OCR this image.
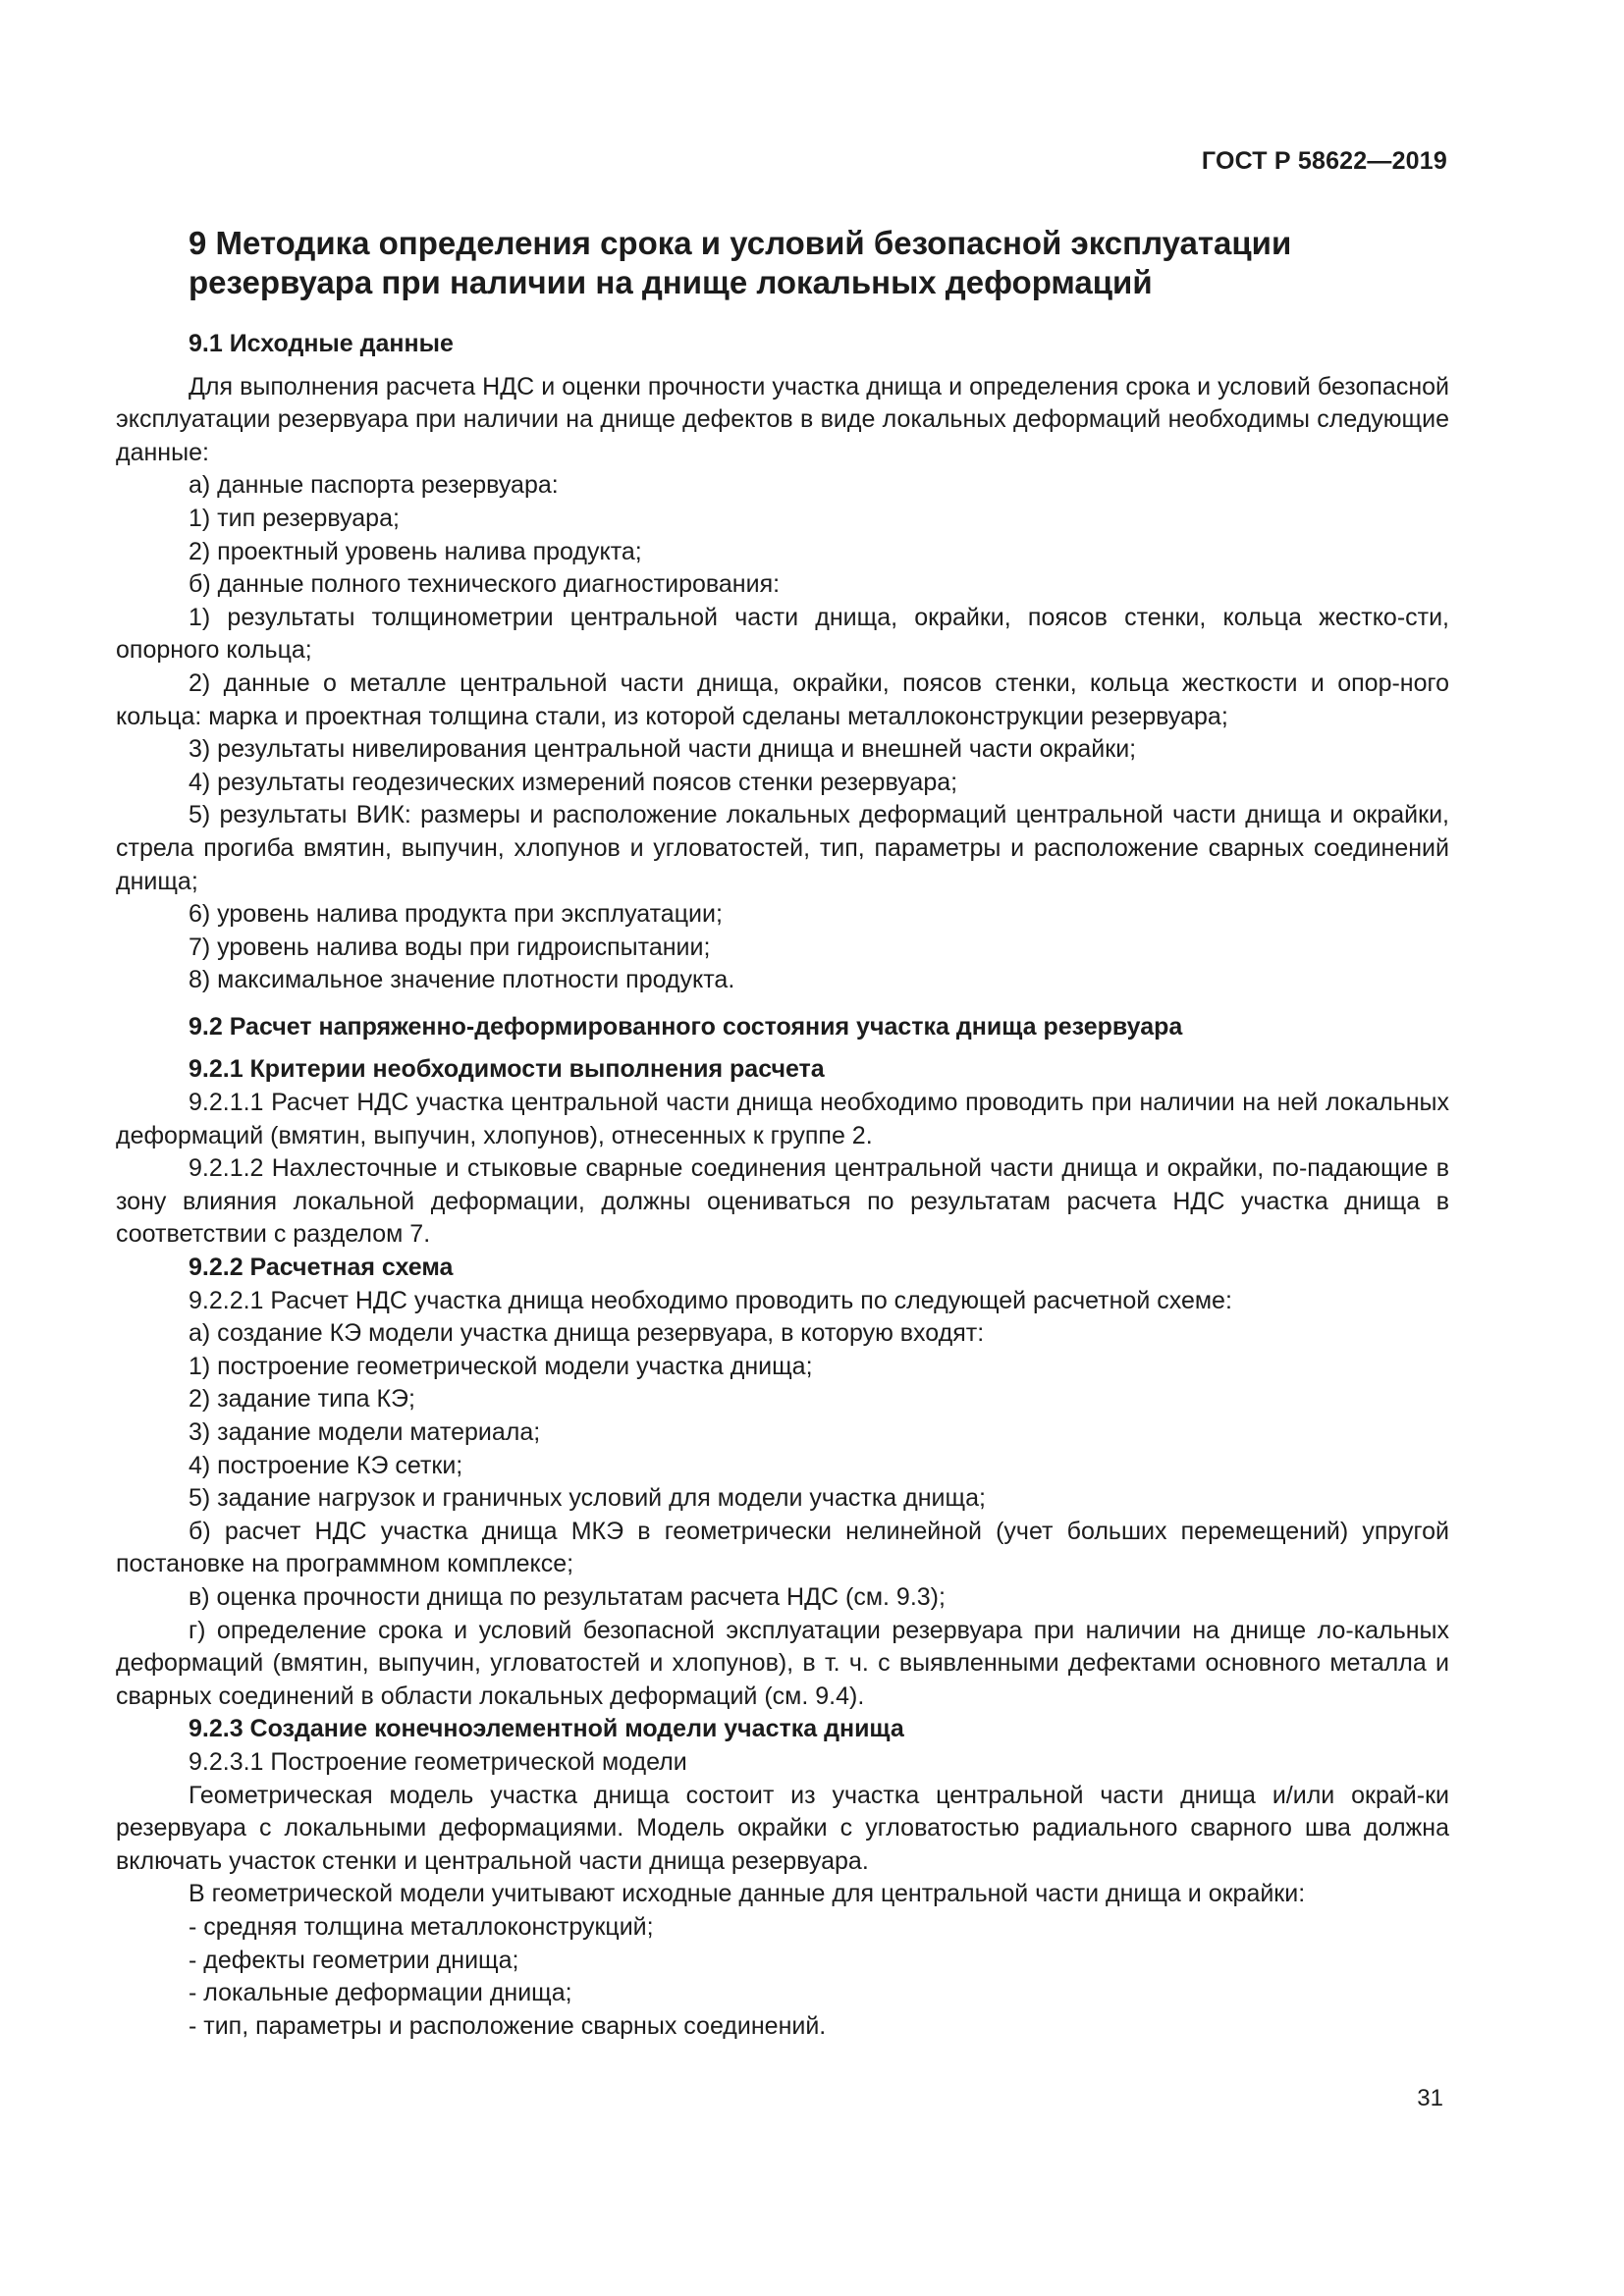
ГОСТ Р 58622—2019
9 Методика определения срока и условий безопасной эксплуатации
резервуара при наличии на днище локальных деформаций
9.1 Исходные данные
Для выполнения расчета НДС и оценки прочности участка днища и определения срока и условий безопасной эксплуатации резервуара при наличии на днище дефектов в виде локальных деформаций необходимы следующие данные:
а) данные паспорта резервуара:
1) тип резервуара;
2) проектный уровень налива продукта;
б) данные полного технического диагностирования:
1) результаты толщинометрии центральной части днища, окрайки, поясов стенки, кольца жестко-сти, опорного кольца;
2) данные о металле центральной части днища, окрайки, поясов стенки, кольца жесткости и опор-ного кольца: марка и проектная толщина стали, из которой сделаны металлоконструкции резервуара;
3) результаты нивелирования центральной части днища и внешней части окрайки;
4) результаты геодезических измерений поясов стенки резервуара;
5) результаты ВИК: размеры и расположение локальных деформаций центральной части днища и окрайки, стрела прогиба вмятин, выпучин, хлопунов и угловатостей, тип, параметры и расположение сварных соединений днища;
6) уровень налива продукта при эксплуатации;
7) уровень налива воды при гидроиспытании;
8) максимальное значение плотности продукта.
9.2 Расчет напряженно-деформированного состояния участка днища резервуара
9.2.1 Критерии необходимости выполнения расчета
9.2.1.1 Расчет НДС участка центральной части днища необходимо проводить при наличии на ней локальных деформаций (вмятин, выпучин, хлопунов), отнесенных к группе 2.
9.2.1.2 Нахлесточные и стыковые сварные соединения центральной части днища и окрайки, по-падающие в зону влияния локальной деформации, должны оцениваться по результатам расчета НДС участка днища в соответствии с разделом 7.
9.2.2 Расчетная схема
9.2.2.1 Расчет НДС участка днища необходимо проводить по следующей расчетной схеме:
а) создание КЭ модели участка днища резервуара, в которую входят:
1) построение геометрической модели участка днища;
2) задание типа КЭ;
3) задание модели материала;
4) построение КЭ сетки;
5) задание нагрузок и граничных условий для модели участка днища;
б) расчет НДС участка днища МКЭ в геометрически нелинейной (учет больших перемещений) упругой постановке на программном комплексе;
в) оценка прочности днища по результатам расчета НДС (см. 9.3);
г) определение срока и условий безопасной эксплуатации резервуара при наличии на днище ло-кальных деформаций (вмятин, выпучин, угловатостей и хлопунов), в т. ч. с выявленными дефектами основного металла и сварных соединений в области локальных деформаций (см. 9.4).
9.2.3 Создание конечноэлементной модели участка днища
9.2.3.1 Построение геометрической модели
Геометрическая модель участка днища состоит из участка центральной части днища и/или окрай-ки резервуара с локальными деформациями. Модель окрайки с угловатостью радиального сварного шва должна включать участок стенки и центральной части днища резервуара.
В геометрической модели учитывают исходные данные для центральной части днища и окрайки:
- средняя толщина металлоконструкций;
- дефекты геометрии днища;
- локальные деформации днища;
- тип, параметры и расположение сварных соединений.
31
